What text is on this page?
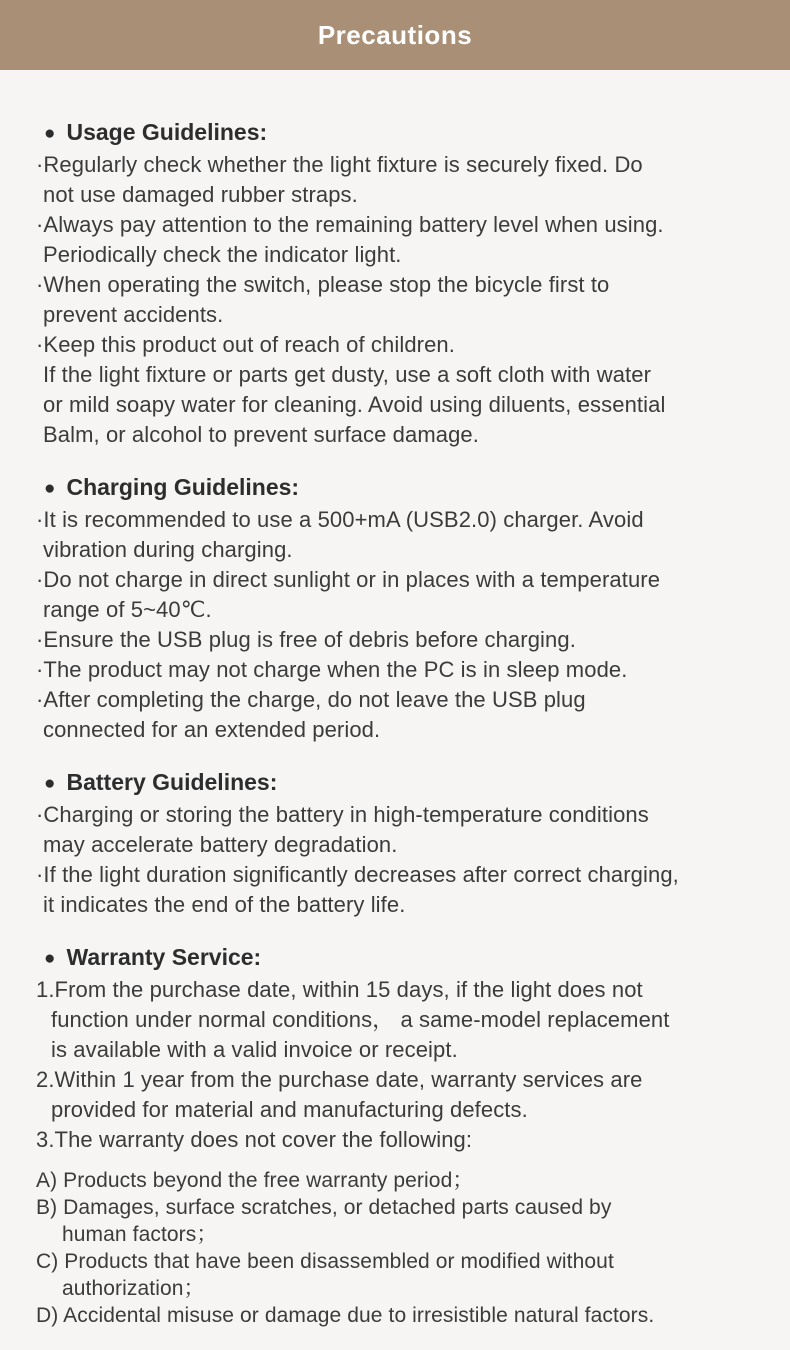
Precautions
● Usage Guidelines:
·Regularly check whether the light fixture is securely fixed. Do
not use damaged rubber straps.
·Always pay attention to the remaining battery level when using.
Periodically check the indicator light.
·When operating the switch, please stop the bicycle first to
prevent accidents.
·Keep this product out of reach of children.
If the light fixture or parts get dusty, use a soft cloth with water
or mild soapy water for cleaning. Avoid using diluents, essential
Balm, or alcohol to prevent surface damage.
● Charging Guidelines:
·It is recommended to use a 500+mA (USB2.0) charger. Avoid
vibration during charging.
·Do not charge in direct sunlight or in places with a temperature
range of 5~40℃.
·Ensure the USB plug is free of debris before charging.
·The product may not charge when the PC is in sleep mode.
·After completing the charge, do not leave the USB plug
connected for an extended period.
● Battery Guidelines:
·Charging or storing the battery in high-temperature conditions
may accelerate battery degradation.
·If the light duration significantly decreases after correct charging,
it indicates the end of the battery life.
● Warranty Service:
1.From the purchase date, within 15 days, if the light does not
function under normal conditions， a same-model replacement
is available with a valid invoice or receipt.
2.Within 1 year from the purchase date, warranty services are
provided for material and manufacturing defects.
3.The warranty does not cover the following:
A) Products beyond the free warranty period；
B) Damages, surface scratches, or detached parts caused by
human factors；
C) Products that have been disassembled or modified without
authorization；
D) Accidental misuse or damage due to irresistible natural factors.
